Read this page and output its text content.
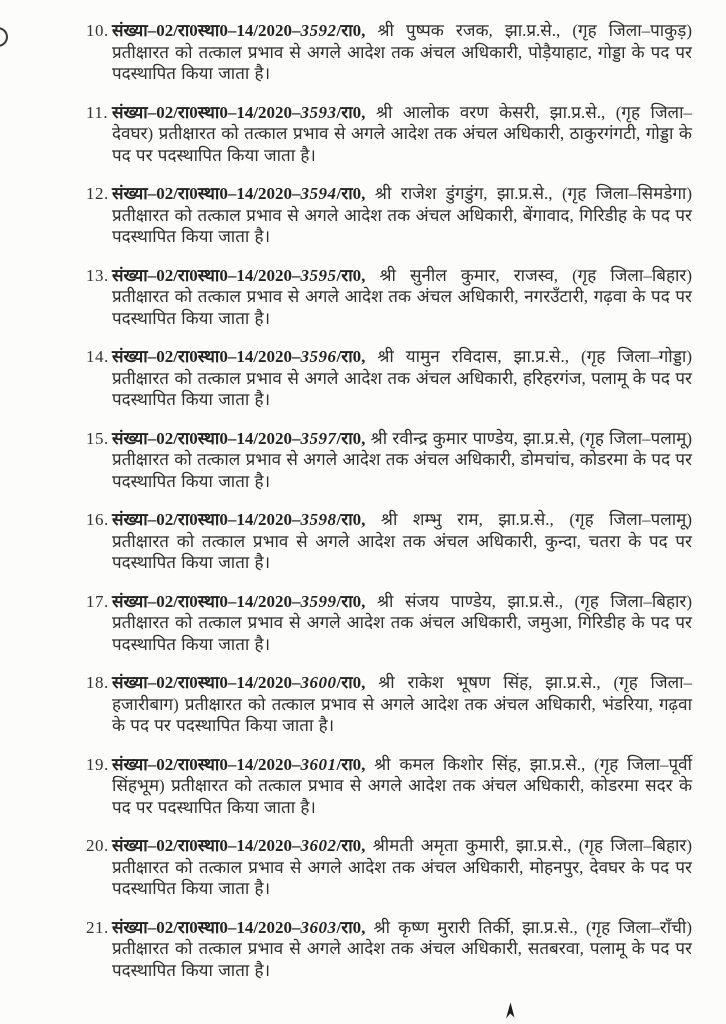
10. संख्या–02/रा0स्था0–14/2020–3592/रा0, श्री पुष्पक रजक, झा.प्र.से., (गृह जिला–पाकुड़) प्रतीक्षारत को तत्काल प्रभाव से अगले आदेश तक अंचल अधिकारी, पोड़ैयाहाट, गोड्डा के पद पर पदस्थापित किया जाता है।
11. संख्या–02/रा0स्था0–14/2020–3593/रा0, श्री आलोक वरण केसरी, झा.प्र.से., (गृह जिला–देवघर) प्रतीक्षारत को तत्काल प्रभाव से अगले आदेश तक अंचल अधिकारी, ठाकुरगंगटी, गोड्डा के पद पर पदस्थापित किया जाता है।
12. संख्या–02/रा0स्था0–14/2020–3594/रा0, श्री राजेश डुंगडुंग, झा.प्र.से., (गृह जिला–सिमडेगा) प्रतीक्षारत को तत्काल प्रभाव से अगले आदेश तक अंचल अधिकारी, बेंगावाद, गिरिडीह के पद पर पदस्थापित किया जाता है।
13. संख्या–02/रा0स्था0–14/2020–3595/रा0, श्री सुनील कुमार, राजस्व, (गृह जिला–बिहार) प्रतीक्षारत को तत्काल प्रभाव से अगले आदेश तक अंचल अधिकारी, नगरउँटारी, गढ़वा के पद पर पदस्थापित किया जाता है।
14. संख्या–02/रा0स्था0–14/2020–3596/रा0, श्री यामुन रविदास, झा.प्र.से., (गृह जिला–गोड्डा) प्रतीक्षारत को तत्काल प्रभाव से अगले आदेश तक अंचल अधिकारी, हरिहरगंज, पलामू के पद पर पदस्थापित किया जाता है।
15. संख्या–02/रा0स्था0–14/2020–3597/रा0, श्री रवीन्द्र कुमार पाण्डेय, झा.प्र.से, (गृह जिला–पलामू) प्रतीक्षारत को तत्काल प्रभाव से अगले आदेश तक अंचल अधिकारी, डोमचांच, कोडरमा के पद पर पदस्थापित किया जाता है।
16. संख्या–02/रा0स्था0–14/2020–3598/रा0, श्री शम्भु राम, झा.प्र.से., (गृह जिला–पलामू) प्रतीक्षारत को तत्काल प्रभाव से अगले आदेश तक अंचल अधिकारी, कुन्दा, चतरा के पद पर पदस्थापित किया जाता है।
17. संख्या–02/रा0स्था0–14/2020–3599/रा0, श्री संजय पाण्डेय, झा.प्र.से., (गृह जिला–बिहार) प्रतीक्षारत को तत्काल प्रभाव से अगले आदेश तक अंचल अधिकारी, जमुआ, गिरिडीह के पद पर पदस्थापित किया जाता है।
18. संख्या–02/रा0स्था0–14/2020–3600/रा0, श्री राकेश भूषण सिंह, झा.प्र.से., (गृह जिला–हजारीबाग) प्रतीक्षारत को तत्काल प्रभाव से अगले आदेश तक अंचल अधिकारी, भंडरिया, गढ़वा के पद पर पदस्थापित किया जाता है।
19. संख्या–02/रा0स्था0–14/2020–3601/रा0, श्री कमल किशोर सिंह, झा.प्र.से., (गृह जिला–पूर्वी सिंहभूम) प्रतीक्षारत को तत्काल प्रभाव से अगले आदेश तक अंचल अधिकारी, कोडरमा सदर के पद पर पदस्थापित किया जाता है।
20. संख्या–02/रा0स्था0–14/2020–3602/रा0, श्रीमती अमृता कुमारी, झा.प्र.से., (गृह जिला–बिहार) प्रतीक्षारत को तत्काल प्रभाव से अगले आदेश तक अंचल अधिकारी, मोहनपुर, देवघर के पद पर पदस्थापित किया जाता है।
21. संख्या–02/रा0स्था0–14/2020–3603/रा0, श्री कृष्ण मुरारी तिर्की, झा.प्र.से., (गृह जिला–राँची) प्रतीक्षारत को तत्काल प्रभाव से अगले आदेश तक अंचल अधिकारी, सतबरवा, पलामू के पद पर पदस्थापित किया जाता है।
